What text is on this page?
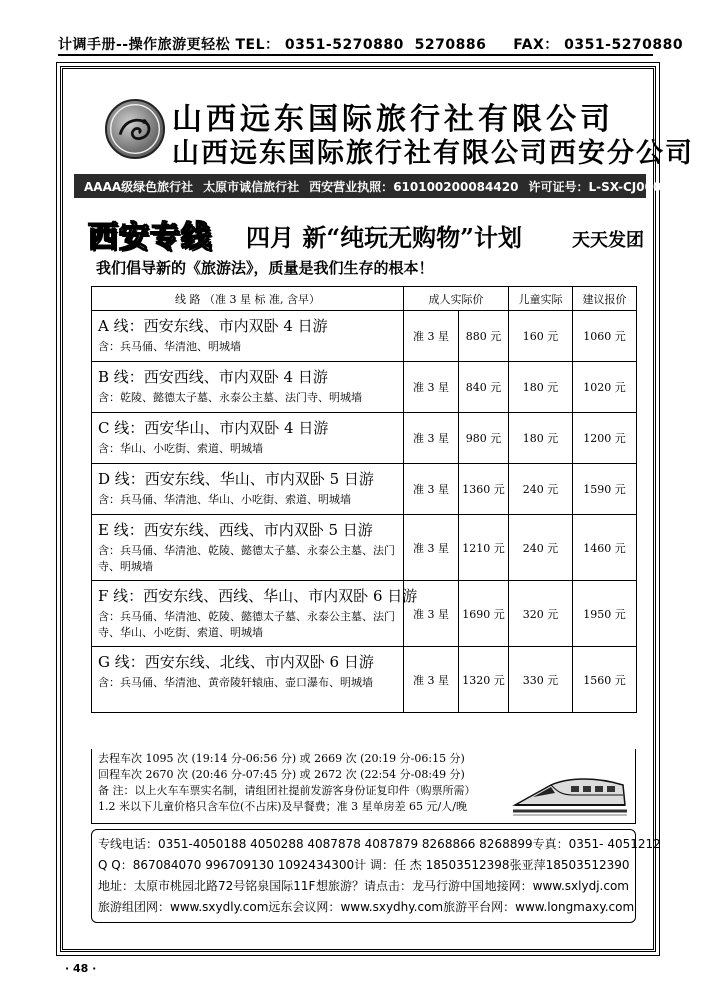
计调手册--操作旅游更轻松 TEL： 0351-5270880  5270886 FAX： 0351-5270880
山西远东国际旅行社有限公司
山西远东国际旅行社有限公司西安分公司
AAAA级绿色旅行社 太原市诚信旅行社 西安营业执照：610100200084420 许可证号：L-SX-CJ00058
西安专线 四月 新“纯玩无购物”计划	天天发团
我们倡导新的《旅游法》，质量是我们生存的根本！
线 路 （准 3 星 标 准, 含早）	成人实际价		儿童实际	建议报价

A 线：西安东线、市内双卧 4 日游
含：兵马俑、华清池、明城墙	准 3 星	880 元	160 元	1060 元

B 线：西安西线、市内双卧 4 日游
含：乾陵、懿德太子墓、永泰公主墓、法门寺、明城墙	准 3 星	840 元	180 元	1020 元

C 线：西安华山、市内双卧 4 日游
含：华山、小吃街、索道、明城墙	准 3 星	980 元	180 元	1200 元

D 线：西安东线、华山、市内双卧 5 日游
含：兵马俑、华清池、华山、小吃街、索道、明城墙	准 3 星	1360 元	240 元	1590 元

E 线：西安东线、西线、市内双卧 5 日游
含：兵马俑、华清池、乾陵、懿德太子墓、永泰公主墓、法门寺、明城墙	准 3 星	1210 元	240 元	1460 元

F 线：西安东线、西线、华山、市内双卧 6 日游
含：兵马俑、华清池、乾陵、懿德太子墓、永泰公主墓、法门寺、华山、小吃街、索道、明城墙	准 3 星	1690 元	320 元	1950 元

G 线：西安东线、北线、市内双卧 6 日游
含：兵马俑、华清池、黄帝陵轩辕庙、壶口瀑布、明城墙	准 3 星	1320 元	330 元	1560 元
去程车次 1095 次 (19:14 分-06:56 分) 或 2669 次 (20:19 分-06:15 分)
回程车次 2670 次 (20:46 分-07:45 分) 或 2672 次 (22:54 分-08:49 分)
备 注：以上火车车票实名制，请组团社提前发游客身份证复印件（购票所需）
1.2 米以下儿童价格只含车位(不占床)及早餐费；准 3 星单房差 65 元/人/晚
专线电话：0351-4050188 4050288 4087878 4087879 8268866 8268899 专真：0351- 4051212
Q Q：867084070 996709130 1092434300 计 调：任 杰 18503512398 张亚萍18503512390
地址：太原市桃园北路72号铭泉国际11F 想旅游？请点击：龙马行游中国 地接网：www.sxlydj.com
旅游组团网：www.sxydly.com 远东会议网：www.sxydhy.com 旅游平台网：www.longmaxy.com
· 48 ·
